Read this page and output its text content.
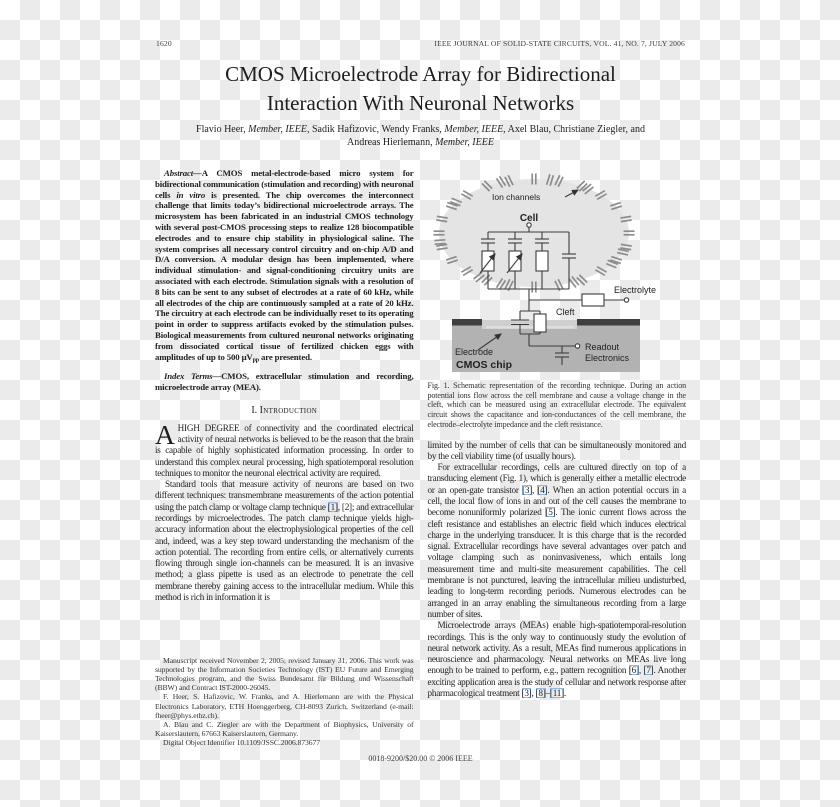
1620	IEEE JOURNAL OF SOLID-STATE CIRCUITS, VOL. 41, NO. 7, JULY 2006
CMOS Microelectrode Array for Bidirectional
Interaction With Neuronal Networks
Flavio Heer, Member, IEEE, Sadik Hafizovic, Wendy Franks, Member, IEEE, Axel Blau, Christiane Ziegler, and
Andreas Hierlemann, Member, IEEE

Abstract—A CMOS metal-electrode-based micro system for bidirectional communication (stimulation and recording) with neuronal cells in vitro is presented. The chip overcomes the interconnect challenge that limits today’s bidirectional microelectrode arrays. The microsystem has been fabricated in an industrial CMOS technology with several post-CMOS processing steps to realize 128 biocompatible electrodes and to ensure chip stability in physiological saline. The system comprises all necessary control circuitry and on-chip A/D and D/A conversion. A modular design has been implemented, where individual stimulation- and signal-conditioning circuitry units are associated with each electrode. Stimulation signals with a resolution of 8 bits can be sent to any subset of electrodes at a rate of 60 kHz, while all electrodes of the chip are continuously sampled at a rate of 20 kHz. The circuitry at each electrode can be individually reset to its operating point in order to suppress artifacts evoked by the stimulation pulses. Biological measurements from cultured neuronal networks originating from dissociated cortical tissue of fertilized chicken eggs with amplitudes of up to 500 μVpp are presented.

Index Terms—CMOS, extracellular stimulation and recording, microelectrode array (MEA).

I. Introduction

AHIGH DEGREE of connectivity and the coordinated electrical activity of neural networks is believed to be the reason that the brain is capable of highly sophisticated information processing. In order to understand this complex neural processing, high spatiotemporal resolution techniques to monitor the neuronal electrical activity are required.

Standard tools that measure activity of neurons are based on two different techniques: transmembrane measurements of the action potential using the patch clamp or voltage clamp technique [1], [2]; and extracellular recordings by microelectrodes. The patch clamp technique yields high-accuracy information about the electrophysiological properties of the cell and, indeed, was a key step toward understanding the mechanism of the action potential. The recording from entire cells, or alternatively currents flowing through single ion-channels can be measured. It is an invasive method; a glass pipette is used as an electrode to penetrate the cell membrane thereby gaining access to the intracellular medium. While this method is rich in information it is

Manuscript received November 2, 2005; revised January 31, 2006. This work was supported by the Information Societies Technology (IST) EU Future and Emerging Technologies program, and the Swiss Bundesamt für Bildung und Wissenschaft (BBW) and Contract IST-2000-26045.

F. Heer, S. Hafizovic, W. Franks, and A. Hierlemann are with the Physical Electronics Laboratory, ETH Hoenggerberg, CH-8093 Zurich, Switzerland (e-mail: fheer@phys.ethz.ch).

A. Blau and C. Ziegler are with the Department of Biophysics, University of Kaiserslautern, 67663 Kaiserslautern, Germany.

Digital Object Identifier 10.1109/JSSC.2006.873677

Ion channels
Cell
Electrolyte
Cleft
Electrode	Readout
Electronics
CMOS chip

Fig. 1. Schematic representation of the recording technique. During an action potential ions flow across the cell membrane and cause a voltage change in the cleft, which can be measured using an extracellular electrode. The equivalent circuit shows the capacitance and ion-conductances of the cell membrane, the electrode–electrolyte impedance and the cleft resistance.

limited by the number of cells that can be simultaneously monitored and by the cell viability time (of usually hours).

For extracellular recordings, cells are cultured directly on top of a transducing element (Fig. 1), which is generally either a metallic electrode or an open-gate transistor [3], [4]. When an action potential occurs in a cell, the local flow of ions in and out of the cell causes the membrane to become nonuniformly polarized [5]. The ionic current flows across the cleft resistance and establishes an electric field which induces electrical charge in the underlying transducer. It is this charge that is the recorded signal. Extracellular recordings have several advantages over patch and voltage clamping such as noninvasiveness, which entails long measurement time and multi-site measurement capabilities. The cell membrane is not punctured, leaving the intracellular milieu undisturbed, leading to long-term recording periods. Numerous electrodes can be arranged in an array enabling the simultaneous recording from a large number of sites.

Microelectrode arrays (MEAs) enable high-spatiotemporal-resolution recordings. This is the only way to continuously study the evolution of neural network activity. As a result, MEAs find numerous applications in neuroscience and pharmacology. Neural networks on MEAs live long enough to be trained to perform, e.g., pattern recognition [6], [7]. Another exciting application area is the study of cellular and network response after pharmacological treatment [3], [8]–[11].

0018-9200/$20.00 © 2006 IEEE
